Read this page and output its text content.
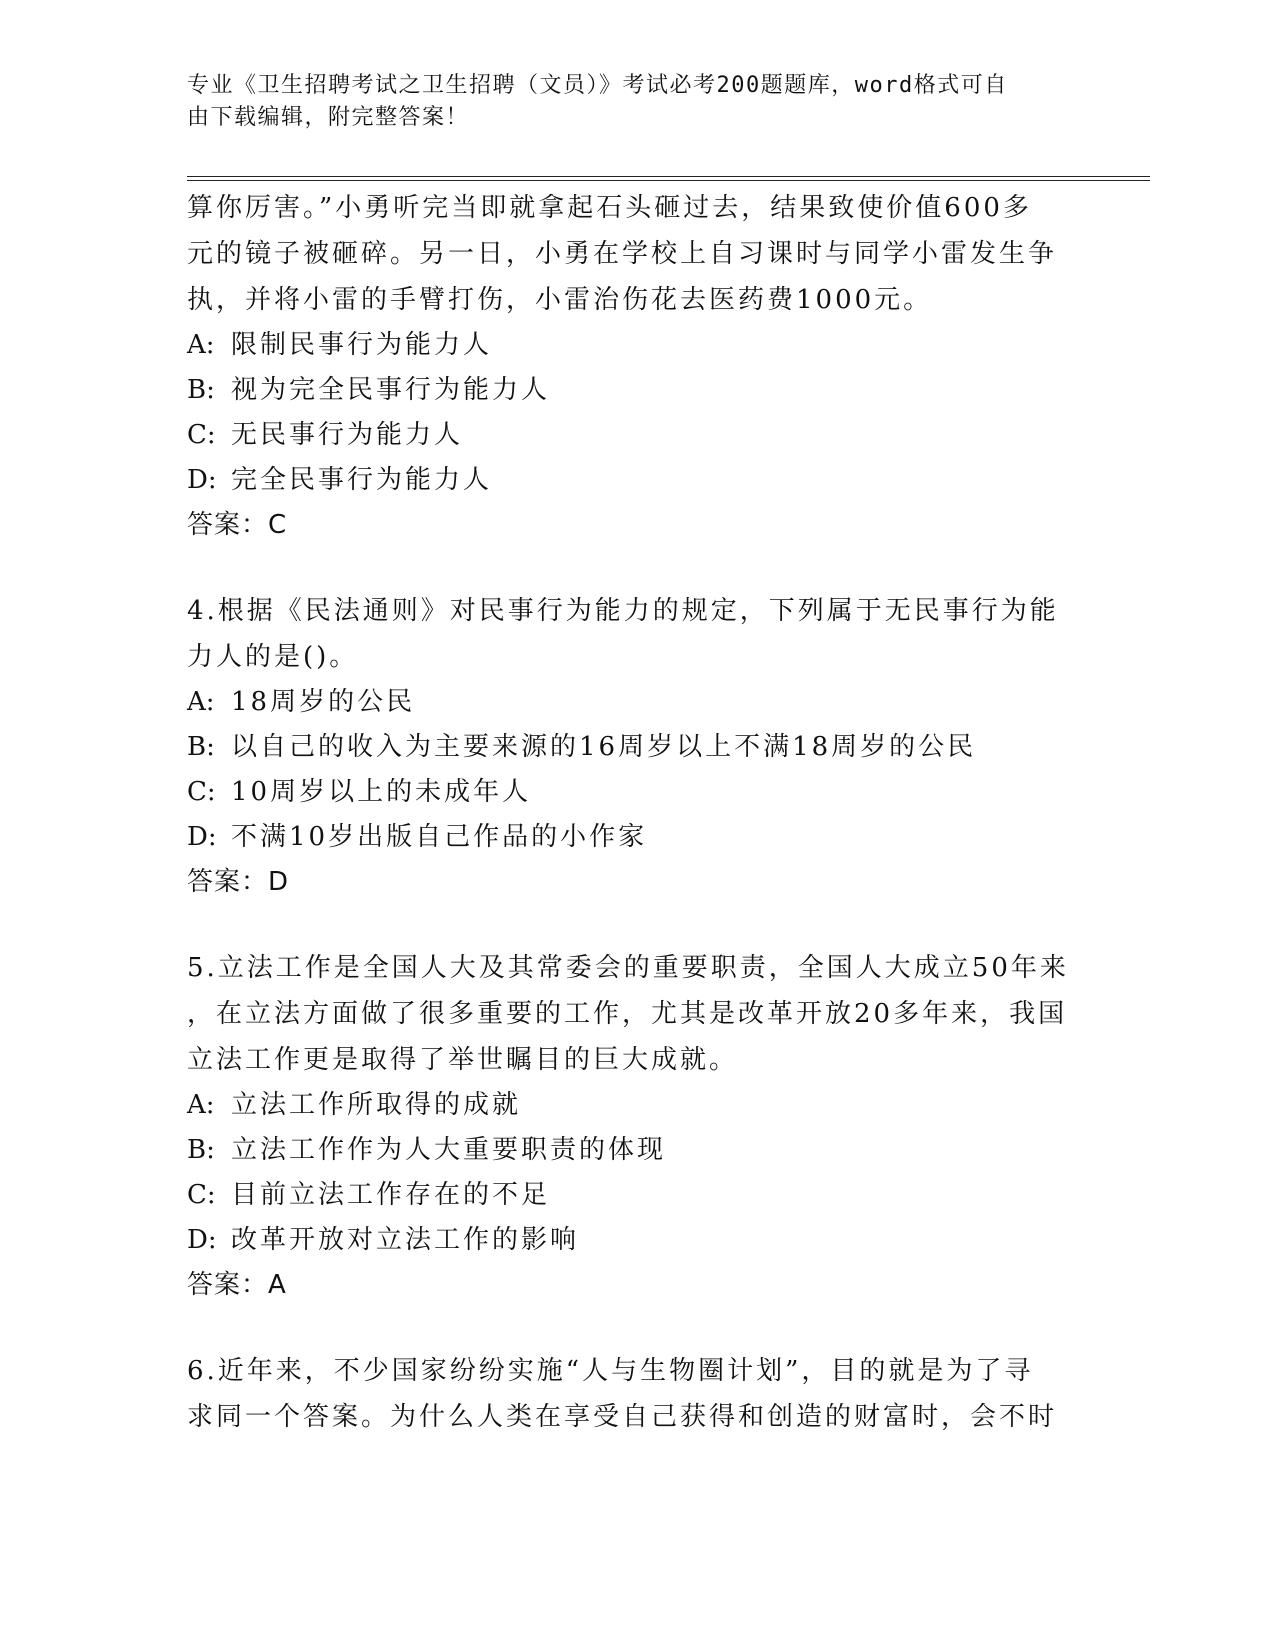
专业《卫生招聘考试之卫生招聘（文员）》考试必考200题题库，word格式可自
由下载编辑，附完整答案！

算你厉害。”小勇听完当即就拿起石头砸过去，结果致使价值600多

元的镜子被砸碎。另一日，小勇在学校上自习课时与同学小雷发生争

执，并将小雷的手臂打伤，小雷治伤花去医药费1000元。

A: 限制民事行为能力人

B: 视为完全民事行为能力人

C: 无民事行为能力人

D: 完全民事行为能力人

答案：C

4.根据《民法通则》对民事行为能力的规定，下列属于无民事行为能

力人的是()。

A: 18周岁的公民

B: 以自己的收入为主要来源的16周岁以上不满18周岁的公民

C: 10周岁以上的未成年人

D: 不满10岁出版自己作品的小作家

答案：D

5.立法工作是全国人大及其常委会的重要职责，全国人大成立50年来

，在立法方面做了很多重要的工作，尤其是改革开放20多年来，我国

立法工作更是取得了举世瞩目的巨大成就。

A: 立法工作所取得的成就

B: 立法工作作为人大重要职责的体现

C: 目前立法工作存在的不足

D: 改革开放对立法工作的影响

答案：A

6.近年来，不少国家纷纷实施“人与生物圈计划”，目的就是为了寻

求同一个答案。为什么人类在享受自己获得和创造的财富时，会不时
